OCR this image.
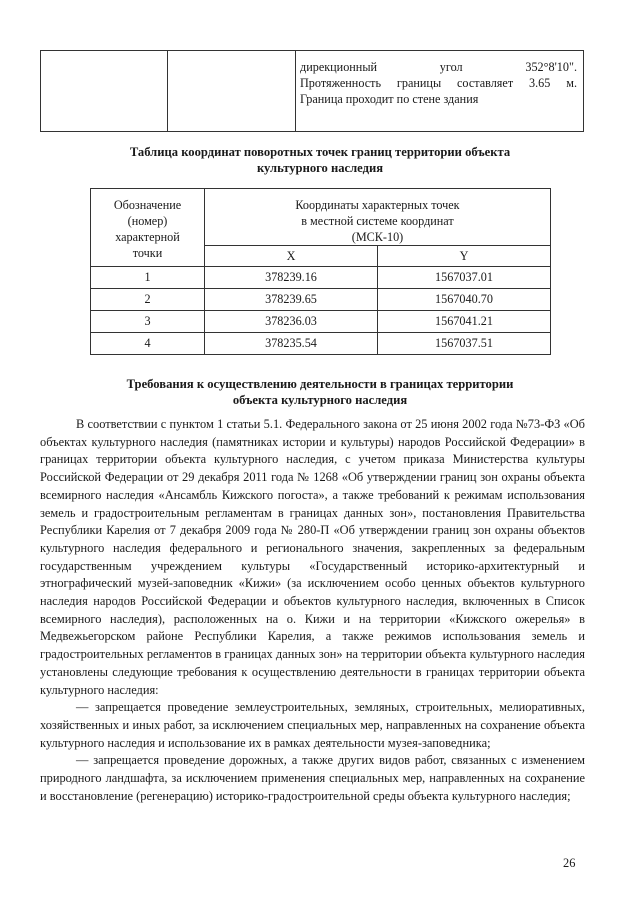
дирекционный угол 352°8'10".
Протяженность границы составляет 3.65 м.
Граница проходит по стене здания
Таблица координат поворотных точек границ территории объекта
культурного наследия
Обозначение (номер) характерной точки	Координаты характерных точек в местной системе координат (МСК-10)	

	X	Y
1	378239.16	1567037.01
2	378239.65	1567040.70
3	378236.03	1567041.21
4	378235.54	1567037.51
Требования к осуществлению деятельности в границах территории
объекта культурного наследия

В соответствии с пунктом 1 статьи 5.1. Федерального закона от 25 июня 2002 года №73-ФЗ «Об объектах культурного наследия (памятниках истории и культуры) народов Российской Федерации» в границах территории объекта культурного наследия, с учетом приказа Министерства культуры Российской Федерации от 29 декабря 2011 года № 1268 «Об утверждении границ зон охраны объекта всемирного наследия «Ансамбль Кижского погоста», а также требований к режимам использования земель и градостроительным регламентам в границах данных зон», постановления Правительства Республики Карелия от 7 декабря 2009 года № 280-П «Об утверждении границ зон охраны объектов культурного наследия федерального и регионального значения, закрепленных за федеральным государственным учреждением культуры «Государственный историко-архитектурный и этнографический музей-заповедник «Кижи» (за исключением особо ценных объектов культурного наследия народов Российской Федерации и объектов культурного наследия, включенных в Список всемирного наследия), расположенных на о. Кижи и на территории «Кижского ожерелья» в Медвежьегорском районе Республики Карелия, а также режимов использования земель и градостроительных регламентов в границах данных зон» на территории объекта культурного наследия установлены следующие требования к осуществлению деятельности в границах территории объекта культурного наследия:

— запрещается проведение землеустроительных, земляных, строительных, мелиоративных, хозяйственных и иных работ, за исключением специальных мер, направленных на сохранение объекта культурного наследия и использование их в рамках деятельности музея-заповедника;

— запрещается проведение дорожных, а также других видов работ, связанных с изменением природного ландшафта, за исключением применения специальных мер, направленных на сохранение и восстановление (регенерацию) историко-градостроительной среды объекта культурного наследия;

26
